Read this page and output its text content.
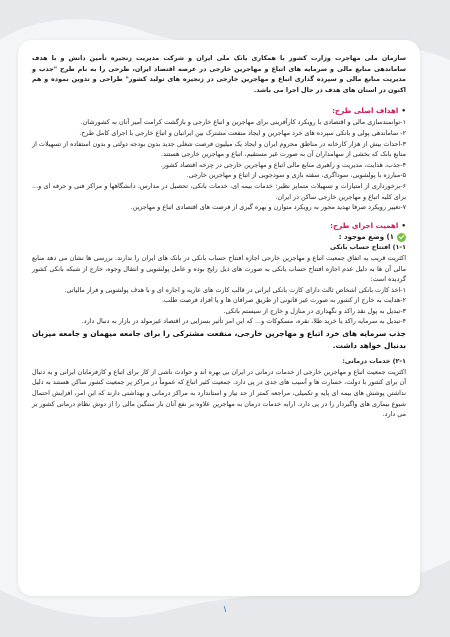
سازمان ملی مهاجرت وزارت کشور با همکاری بانک ملی ایران و شرکت مدیریت زنجیره تأمین دانش و با هدف ساماندهی منابع مالی و سرمایه های اتباع و مهاجرین خارجی در عرصه اقتصاد ایران، طرحی را به نام طرح "جذب و مدیریت منابع مالی و سپرده گذاری اتباع و مهاجرین خارجی در زنجیره های تولید کشور" طراحی و تدوین نموده و هم اکنون در استان های هدف در حال اجرا می باشد.

•اهداف اصلی طرح:

۱-توانمندسازی مالی و اقتصادی با رویکرد کارآفرینی برای مهاجرین و اتباع خارجی و بازگشت کرامت آمیز آنان به کشورشان.

۲- ساماندهی پولی و بانکی سپرده های خرد مهاجرین و ایجاد منفعت مشترک بین ایرانیان و اتباع خارجی با اجرای کامل طرح.

۳-احداث بیش از هزار کارخانه در مناطق محروم ایران و ایجاد یک میلیون فرصت شغلی جدید بدون بودجه دولتی و بدون استفاده از تسهیلات از منابع بانک که بخشی از سهامداران آن به صورت غیر مستقیم، اتباع و مهاجرین خارجی هستند.

۴-جذب، هدایت، مدیریت و راهبری منابع مالی اتباع و مهاجرین خارجی در چرخه اقتصاد کشور.

۵-مبارزه با پولشویی، سوداگری، سفته بازی و سودجویی از اتباع و مهاجرین خارجی.

۶-برخورداری از امتیازات و تسهیلات متمایز نظیر: خدمات بیمه ای، خدمات بانکی، تحصیل در مدارس، دانشگاهها و مراکز فنی و حرفه ای و... برای کلیه اتباع و مهاجرین خارجی ساکن در ایران.

۷-تغییر رویکرد صرفا تهدید محور به رویکرد متوازن و بهره گیری از فرصت های اقتصادی اتباع و مهاجرین.

•اهمیت اجرای طرح:

۱) وضع موجود :

۱-۱) افتتاح حساب بانکی

اکثریت قریب به اتفاق جمعیت اتباع و مهاجرین خارجی اجازه افتتاح حساب بانکی در بانک های ایران را ندارند. بررسی ها نشان می دهد منابع مالی آن ها به دلیل عدم اجازه افتتاح حساب بانکی به صورت های ذیل رایج بوده و عامل پولشویی و انتقال وجوه، خارج از شبکه بانکی کشور گردیده است:

۱-اخذ کارت بانکی اشخاص ثالث دارای کارت بانکی ایرانی در قالب کارت های عاریه و اجاره ای و با هدف پولشویی و فرار مالیاتی.

۲-هدایت به خارج از کشور به صورت غیر قانونی از طریق صرافان ها و یا افراد فرصت طلب.

۳-تبدیل به پول نقد راکد و نگهداری در منازل و خارج از سیستم بانکی.

۴-تبدیل به سرمایه راکد یا خرید طلا، نقره، مسکوکات و... که این امر تأثیر بسزایی در اقتصاد غیرمولد در بازار به دنبال دارد.

جذب سرمایه های خرد اتباع و مهاجرین خارجی، منفعت مشترکی را برای جامعه میهمان و جامعه میزبان بدنبال خواهد داشت.

۲-۱) خدمات درمانی:

اکثریت جمعیت اتباع و مهاجرین خارجی از خدمات درمانی در ایران بی بهره اند و حوادث ناشی از کار برای اتباع و کارفرمایان ایرانی و به دنبال آن برای کشور با دولت، خسارت ها و آسیب های جدی در پی دارد. جمعیت کثیر اتباع که عموماً در مراکز پر جمعیت کشور ساکن هستند به دلیل نداشتن پوشش های بیمه ای پایه و تکمیلی، مراجعه کمتر از حد نیاز و استاندارد به مراکز درمانی و بهداشتی دارند که این امر، افزایش احتمال شیوع بیماری های واگیردار را در پی دارد. ارایه خدمات درمان به مهاجرین علاوه بر نفع آنان بار سنگین مالی را از دوش نظام درمانی کشور بر می دارد.

۱
